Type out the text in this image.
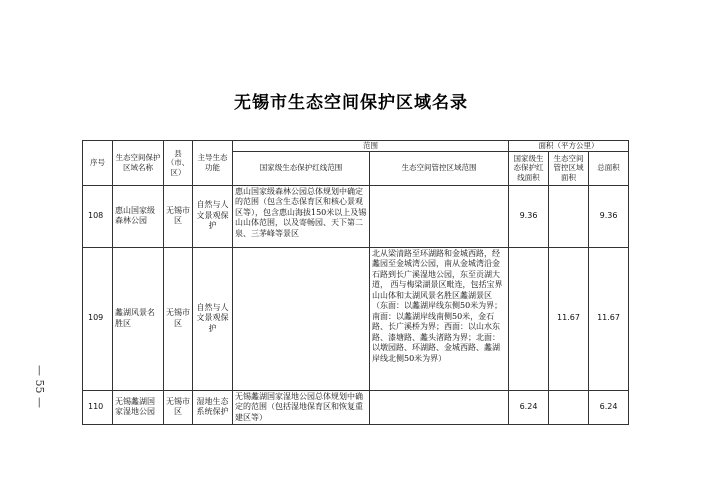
— 55 —
无锡市生态空间保护区域名录
序号	生态空间保护区域名称	县（市、区）	主导生态功能	范围		面积（平方公里）		
				国家级生态保护红线范围	生态空间管控区域范围	国家级生态保护红线面积	生态空间管控区域面积	总面积
108	惠山国家级森林公园	无锡市区	自然与人文景观保护	惠山国家级森林公园总体规划中确定的范围（包含生态保育区和核心景观区等），包含惠山海拔150米以上及锡山山体范围，以及寄畅园、天下第二泉、三茅峰等景区		9.36		9.36
109	蠡湖风景名胜区	无锡市区	自然与人文景观保护		北从梁清路至环湖路和金城西路，经蠡园至金城湾公园，南从金城湾沿金石路到长广溪湿地公园，东至贡湖大道， 西与梅梁湖景区毗连，包括宝界山山体和太湖风景名胜区蠡湖景区（东面：以蠡湖岸线东侧50米为界；南面：以蠡湖岸线南侧50米，金石路、长广溪桥为界；西面：以山水东路、漆塘路、蠡头渚路为界；北面：以墩园路、环湖路、金城西路、蠡湖岸线北侧50米为界）		11.67	11.67
110	无锡蠡湖国家湿地公园	无锡市区	湿地生态系统保护	无锡蠡湖国家湿地公园总体规划中确定的范围（包括湿地保育区和恢复重建区等）		6.24		6.24
